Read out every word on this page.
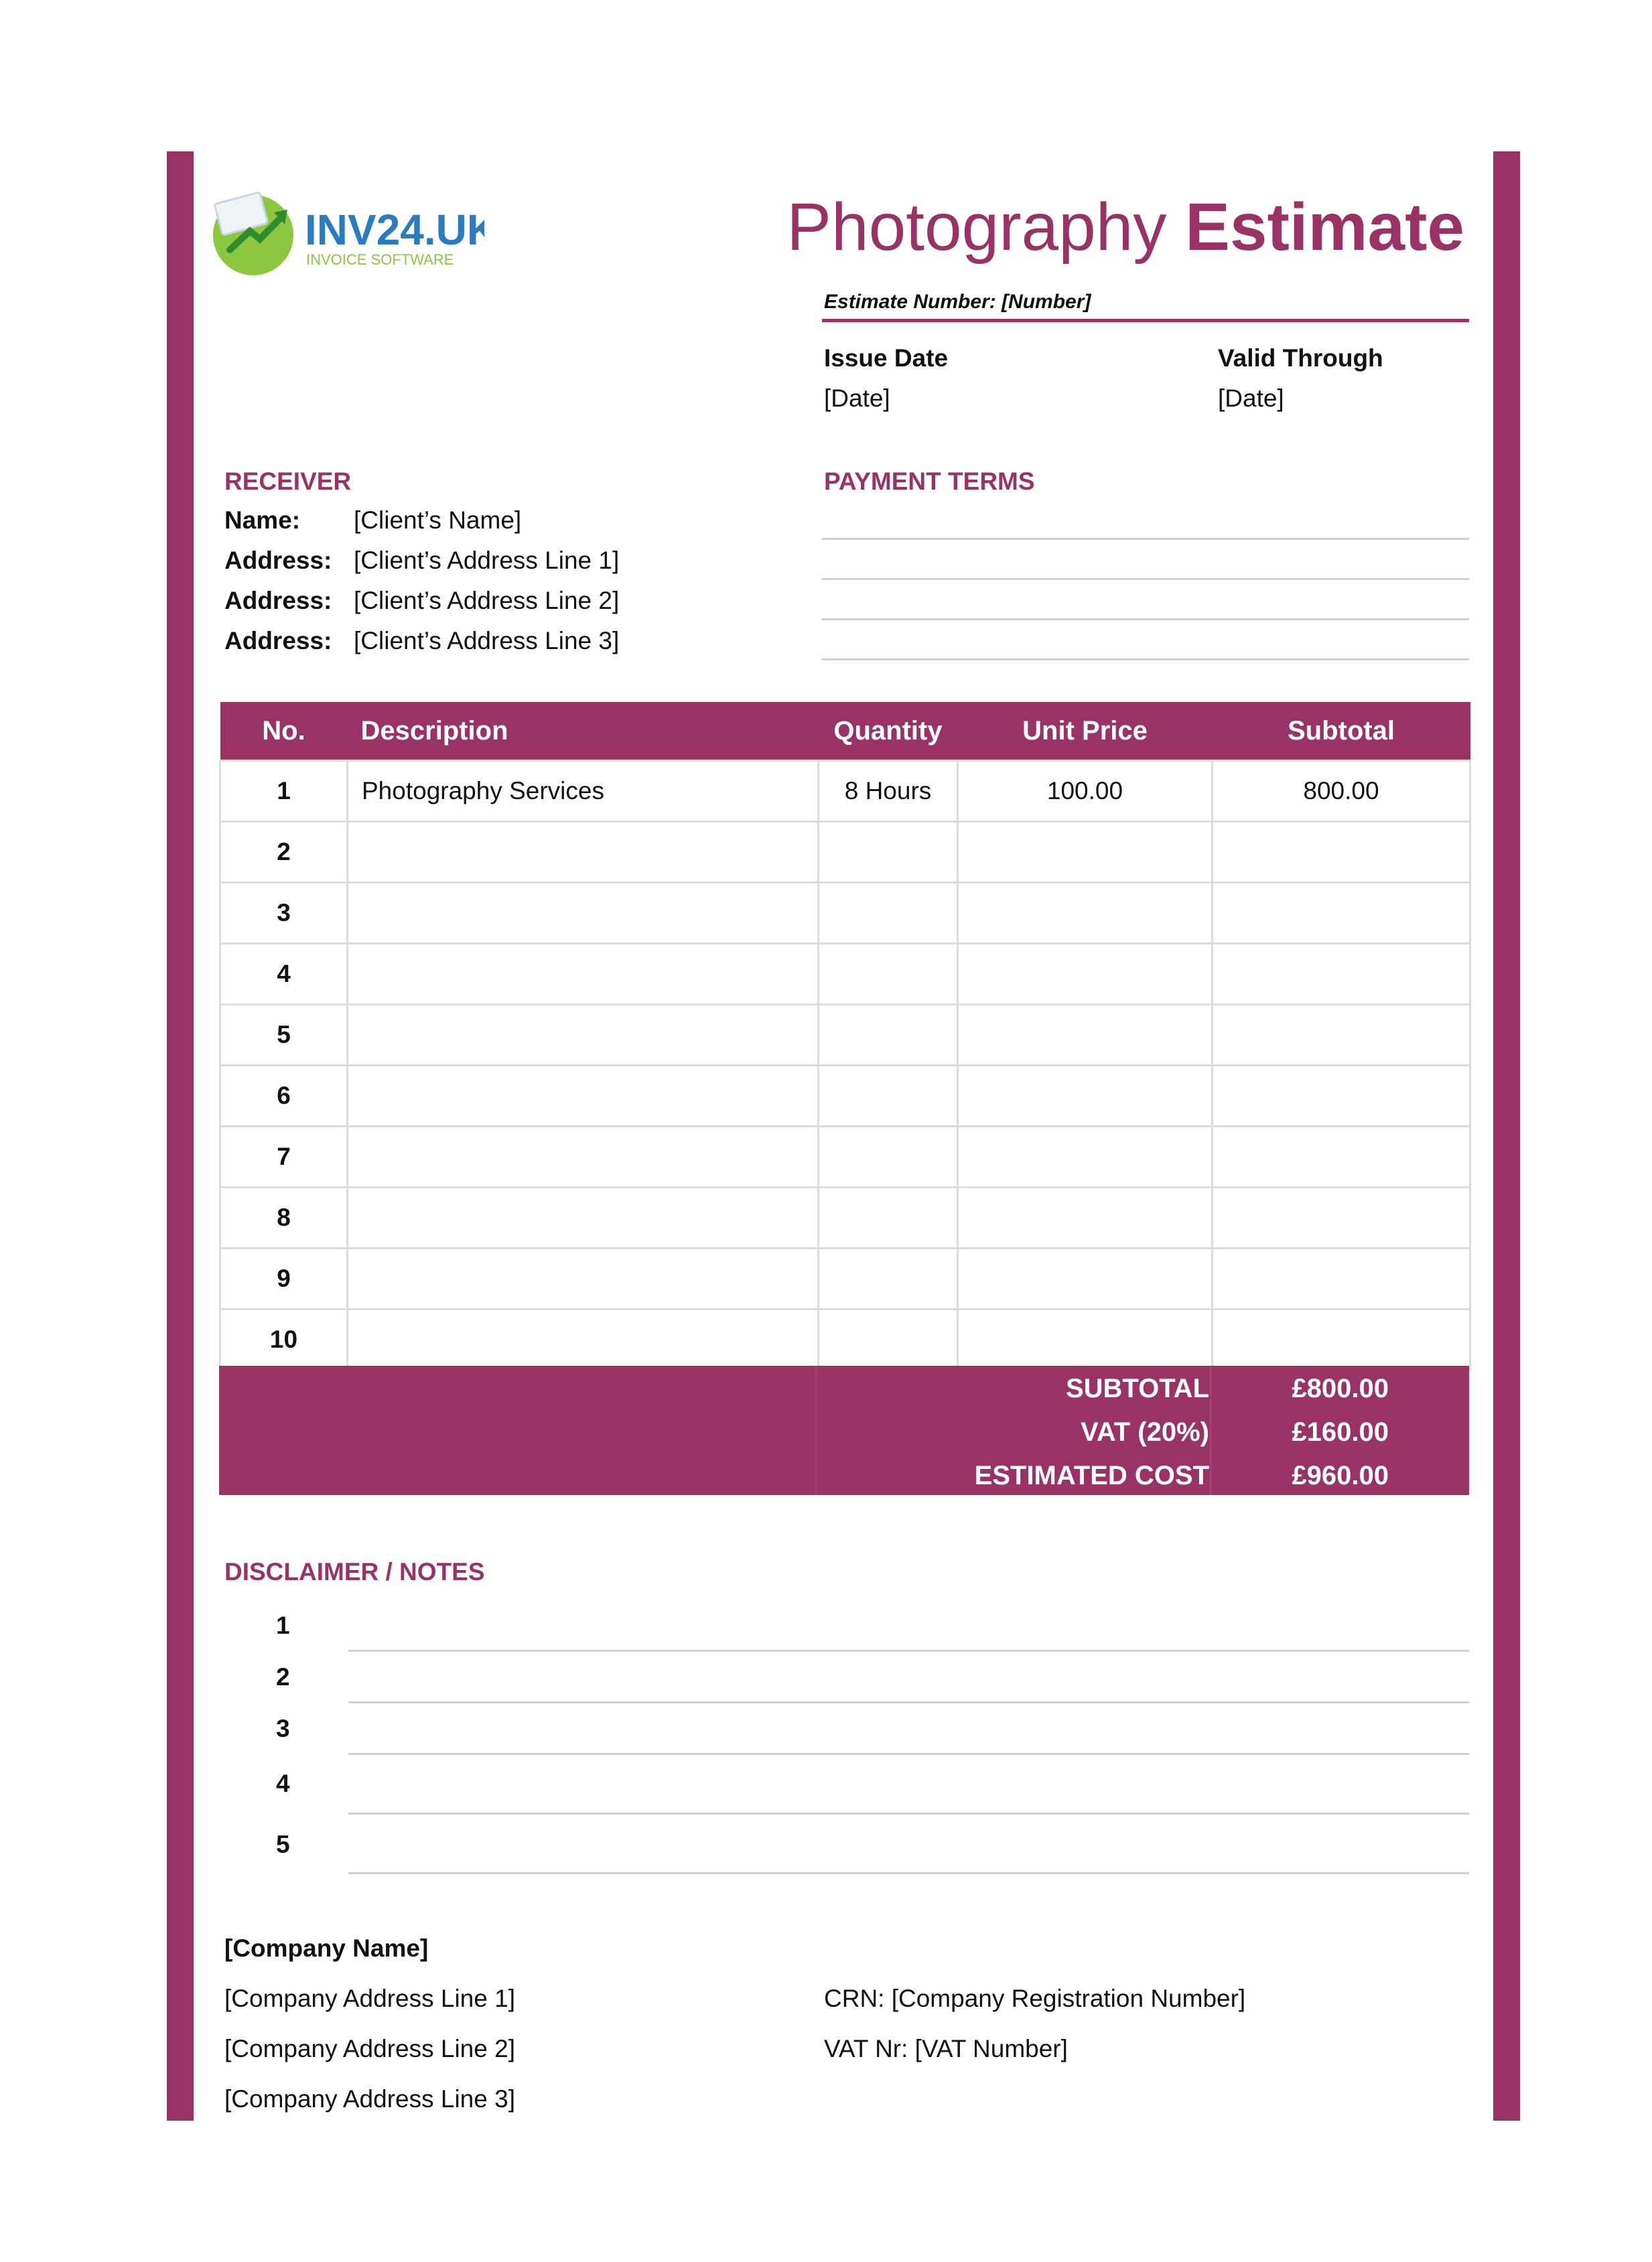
INV24.UK
INVOICE SOFTWARE	Photography Estimate
Estimate Number: [Number]
Issue Date
[Date]
Valid Through
[Date]
RECEIVER
Name: [Client’s Name]
Address: [Client’s Address Line 1]
Address: [Client’s Address Line 2]
Address: [Client’s Address Line 3]
PAYMENT TERMS
No.	Description	Quantity	Unit Price	Subtotal
1	Photography Services	8 Hours	100.00	800.00
2				
3				
4				
5				
6				
7				
8				
9				
10				
SUBTOTAL	£800.00
VAT (20%)	£160.00
ESTIMATED COST	£960.00
DISCLAIMER / NOTES
1
2
3
4
5
[Company Name]
[Company Address Line 1]
[Company Address Line 2]
[Company Address Line 3]
CRN: [Company Registration Number]
VAT Nr: [VAT Number]
